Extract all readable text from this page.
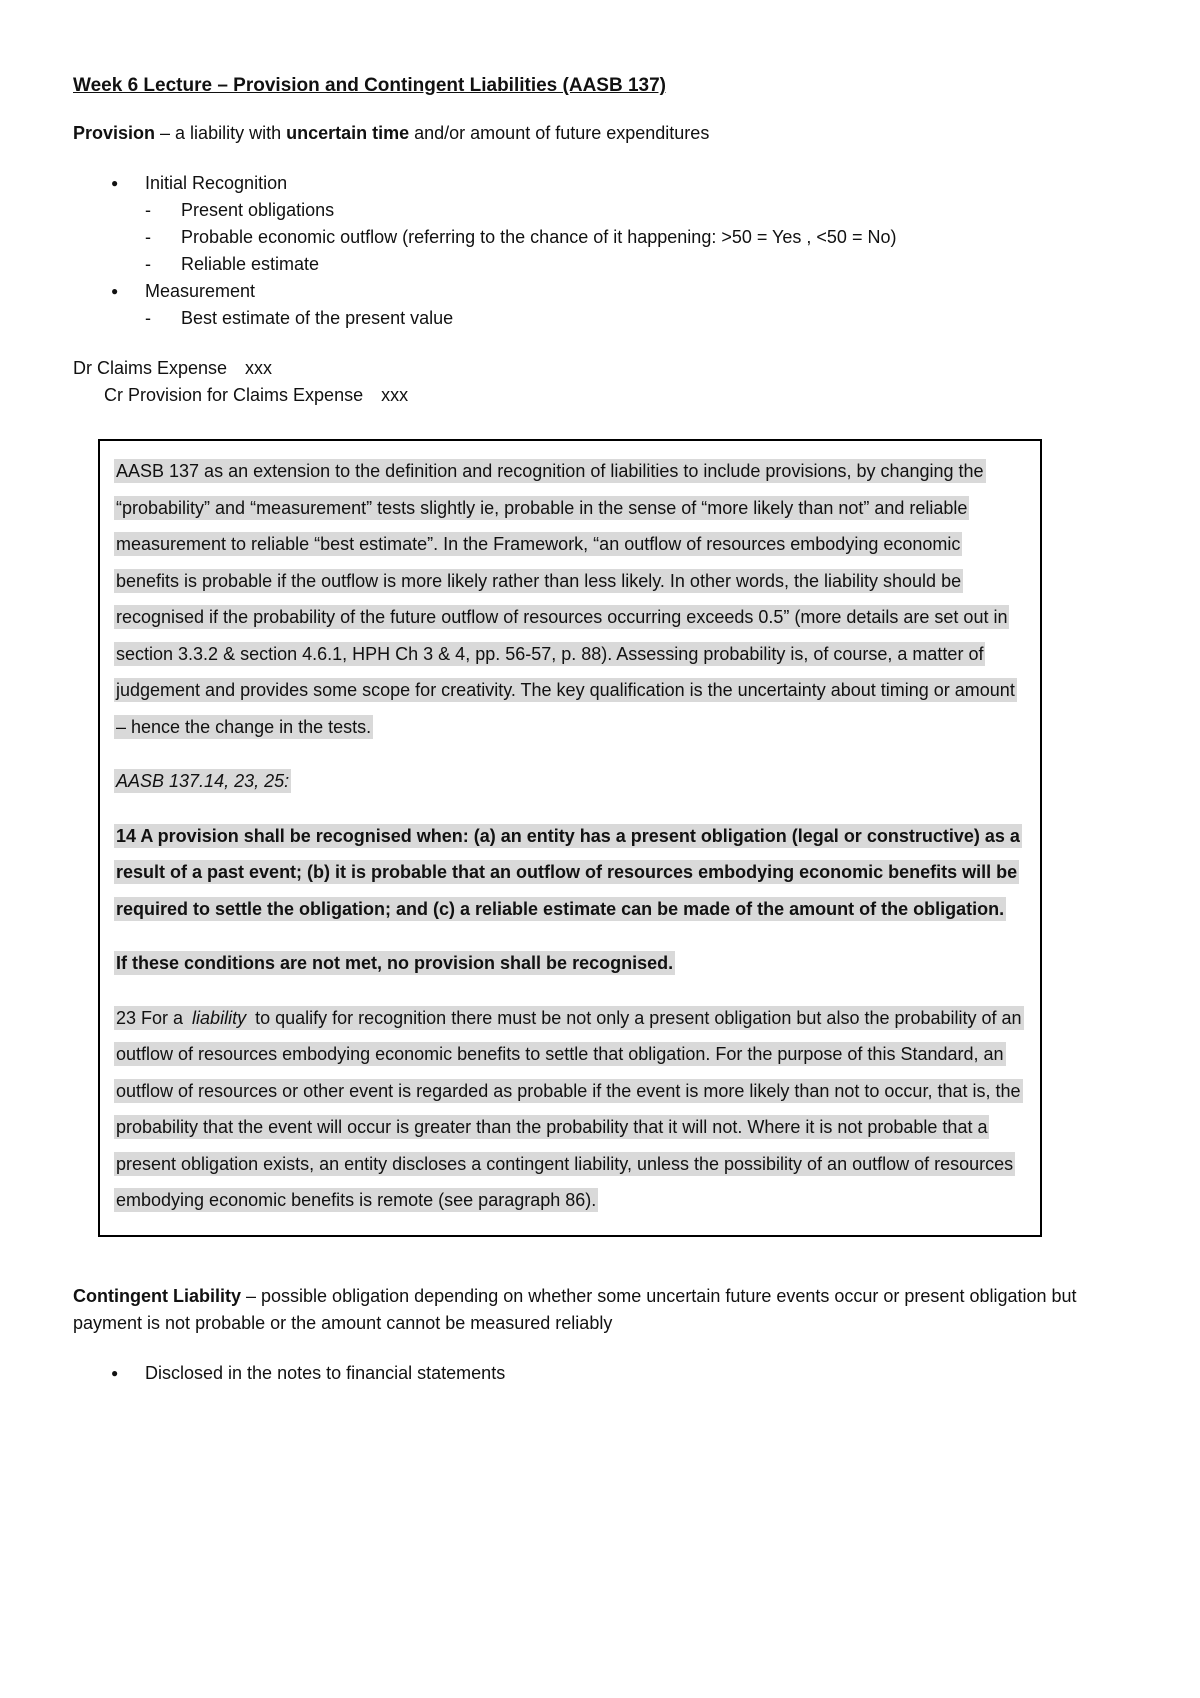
Week 6 Lecture – Provision and Contingent Liabilities (AASB 137)
Provision – a liability with uncertain time and/or amount of future expenditures
● Initial Recognition
- Present obligations
- Probable economic outflow (referring to the chance of it happening: >50 = Yes , <50 = No)
- Reliable estimate
● Measurement
- Best estimate of the present value
Dr Claims Expense xxx
Cr Provision for Claims Expense xxx

AASB 137 as an extension to the definition and recognition of liabilities to include provisions, by changing the “probability” and “measurement” tests slightly ie, probable in the sense of “more likely than not” and reliable measurement to reliable “best estimate”. In the Framework, “an outflow of resources embodying economic benefits is probable if the outflow is more likely rather than less likely. In other words, the liability should be recognised if the probability of the future outflow of resources occurring exceeds 0.5” (more details are set out in section 3.3.2 & section 4.6.1, HPH Ch 3 & 4, pp. 56-57, p. 88). Assessing probability is, of course, a matter of judgement and provides some scope for creativity. The key qualification is the uncertainty about timing or amount – hence the change in the tests.

AASB 137.14, 23, 25:

14 A provision shall be recognised when: (a) an entity has a present obligation (legal or constructive) as a result of a past event; (b) it is probable that an outflow of resources embodying economic benefits will be required to settle the obligation; and (c) a reliable estimate can be made of the amount of the obligation.

If these conditions are not met, no provision shall be recognised.

23 For a liability to qualify for recognition there must be not only a present obligation but also the probability of an outflow of resources embodying economic benefits to settle that obligation. For the purpose of this Standard, an outflow of resources or other event is regarded as probable if the event is more likely than not to occur, that is, the probability that the event will occur is greater than the probability that it will not. Where it is not probable that a present obligation exists, an entity discloses a contingent liability, unless the possibility of an outflow of resources embodying economic benefits is remote (see paragraph 86).

Contingent Liability – possible obligation depending on whether some uncertain future events occur or present obligation but payment is not probable or the amount cannot be measured reliably
● Disclosed in the notes to financial statements
